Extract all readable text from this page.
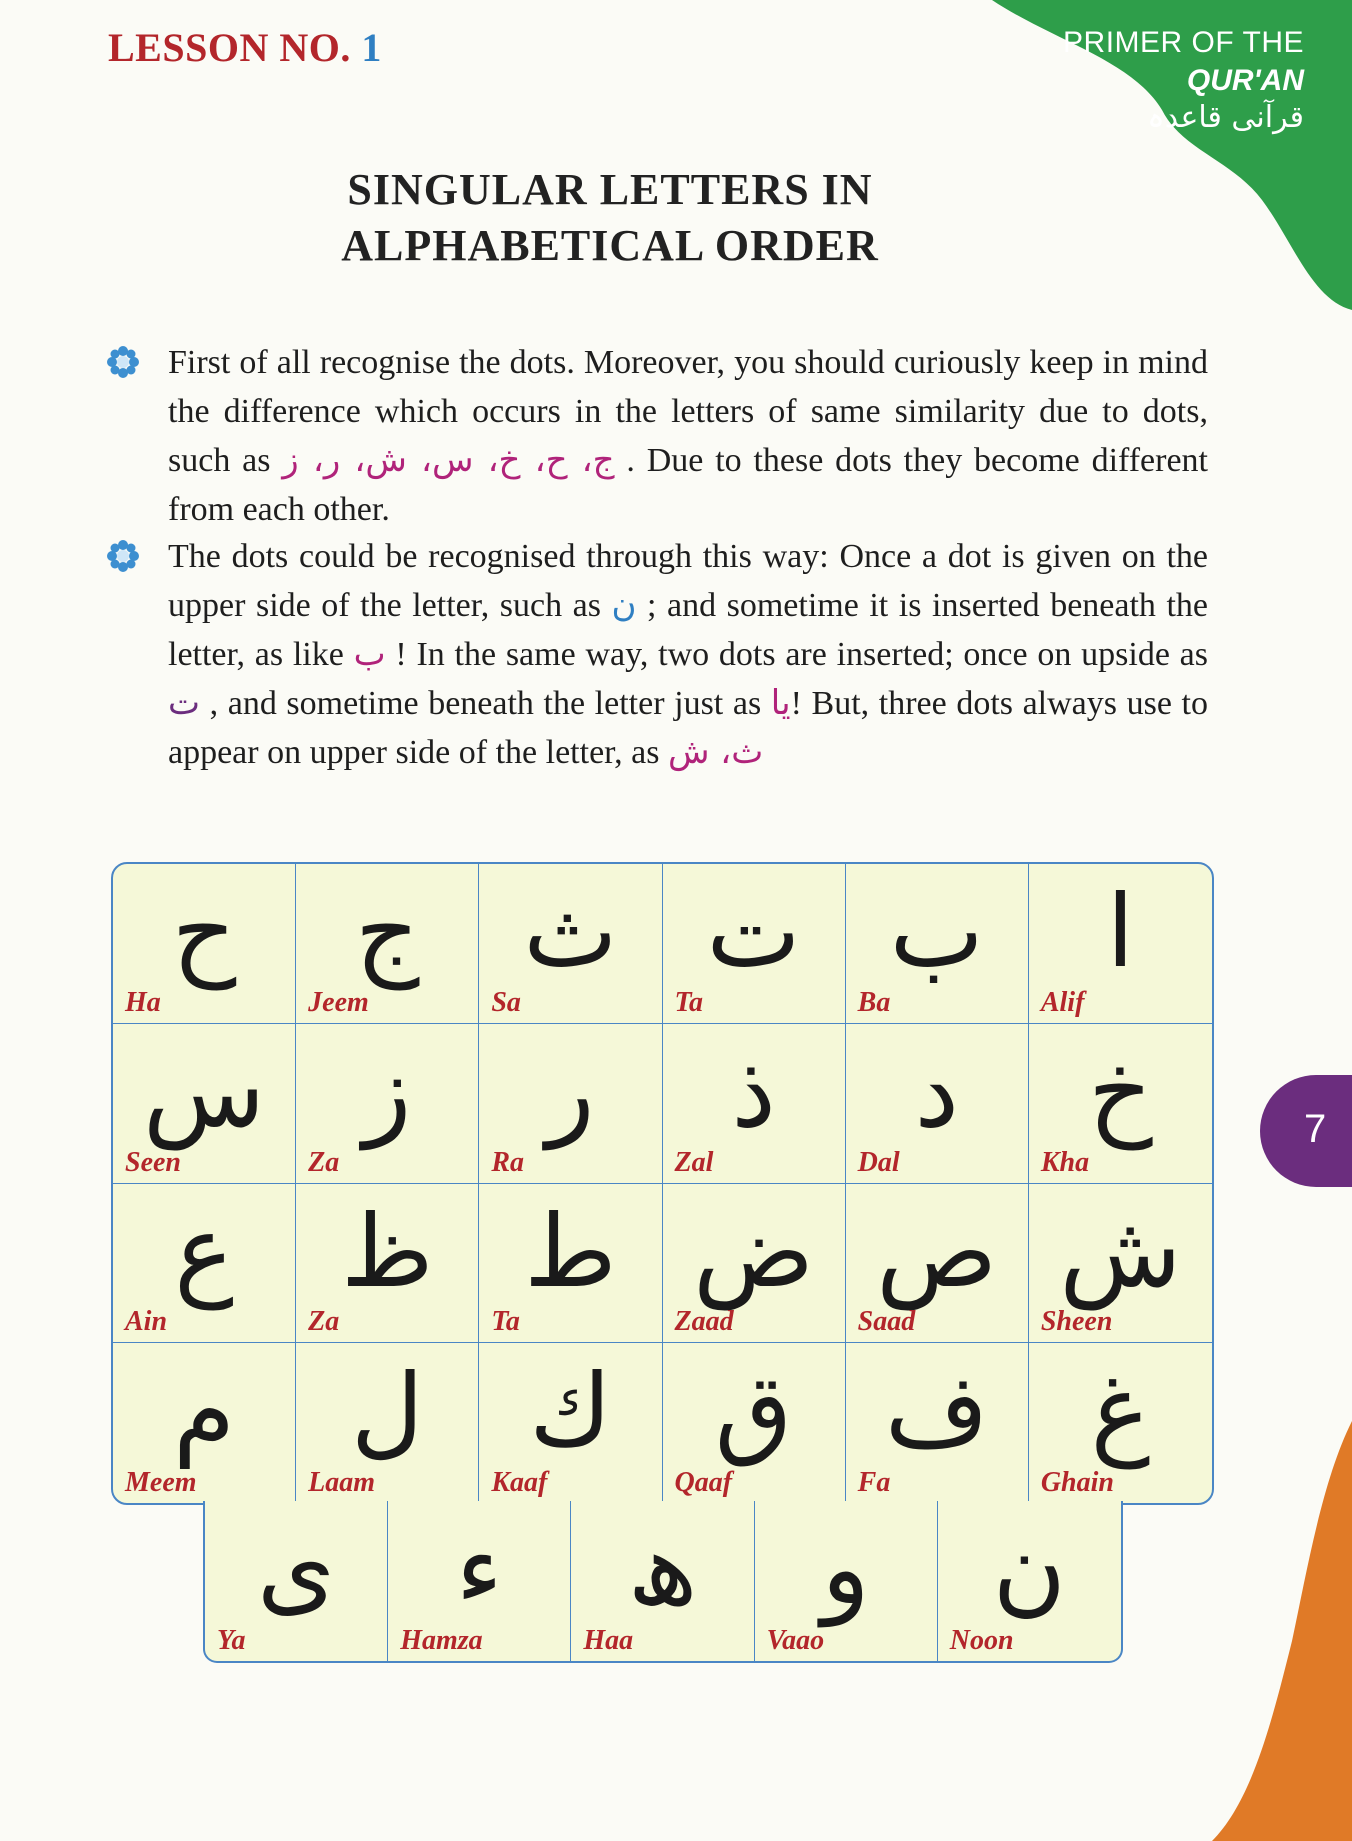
LESSON NO. 1	PRIMER OF THE
QUR'AN
قرآنی قاعدہ
SINGULAR LETTERS IN
ALPHABETICAL ORDER
First of all recognise the dots. Moreover, you should curiously keep in mind the difference which occurs in the letters of same similarity due to dots, such as ج، ح، خ، س، ش، ر، ز . Due to these dots they become different from each other.
The dots could be recognised through this way: Once a dot is given on the upper side of the letter, such as ن ; and sometime it is inserted beneath the letter, as like ب ! In the same way, two dots are inserted; once on upside as ت , and sometime beneath the letter just as یا! But, three dots always use to appear on upper side of the letter, as ث، ش
ح
Ha
ج
Jeem
ث
Sa
ت
Ta
ب
Ba
ا
Alif
س
Seen
ز
Za
ر
Ra
ذ
Zal
د
Dal
خ
Kha
ع
Ain
ظ
Za
ط
Ta
ض
Zaad
ص
Saad
ش
Sheen
م
Meem
ل
Laam
ك
Kaaf
ق
Qaaf
ف
Fa
غ
Ghain
ى
Ya
ء
Hamza
ھ
Haa
و
Vaao
ن
Noon
7
